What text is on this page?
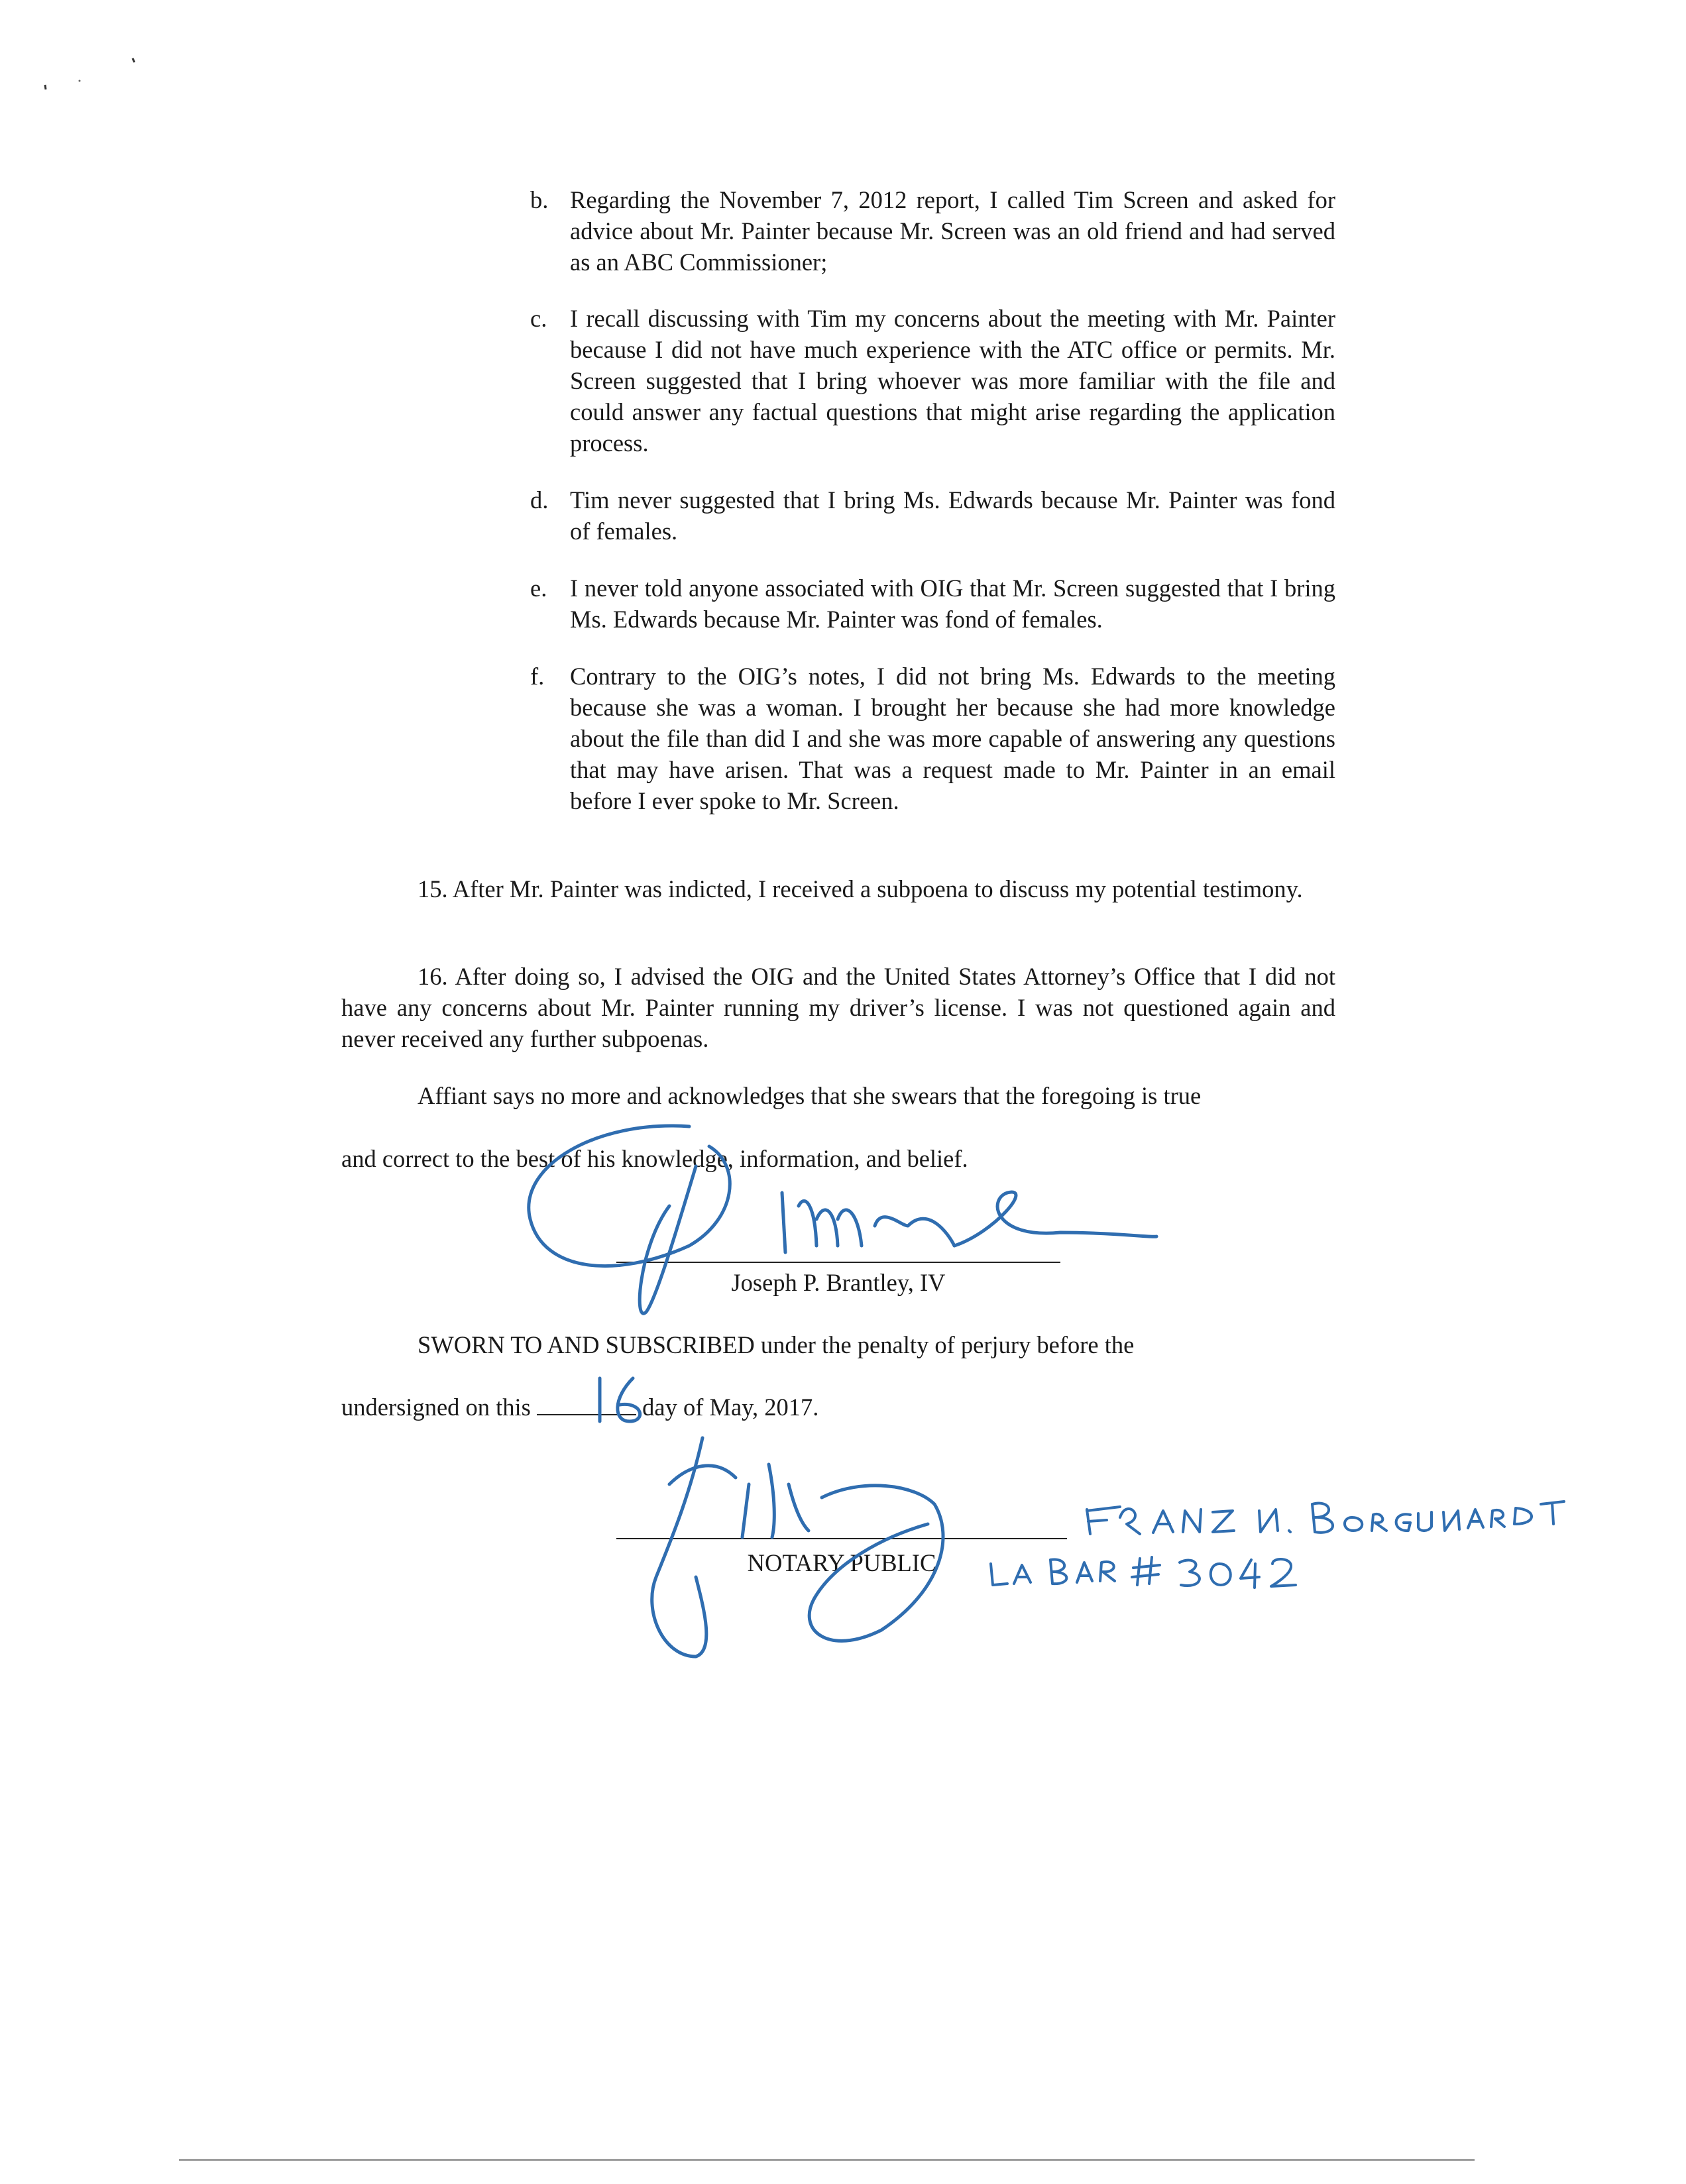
b. Regarding the November 7, 2012 report, I called Tim Screen and asked for advice about Mr. Painter because Mr. Screen was an old friend and had served as an ABC Commissioner;
c. I recall discussing with Tim my concerns about the meeting with Mr. Painter because I did not have much experience with the ATC office or permits. Mr. Screen suggested that I bring whoever was more familiar with the file and could answer any factual questions that might arise regarding the application process.
d. Tim never suggested that I bring Ms. Edwards because Mr. Painter was fond of females.
e. I never told anyone associated with OIG that Mr. Screen suggested that I bring Ms. Edwards because Mr. Painter was fond of females.
f.	Contrary to the OIG’s notes, I did not bring Ms. Edwards to the meeting because she was a woman. I brought her because she had more knowledge about the file than did I and she was more capable of answering any questions that may have arisen. That was a request made to Mr. Painter in an email before I ever spoke to Mr. Screen.
15. After Mr. Painter was indicted, I received a subpoena to discuss my potential testimony.
16. After doing so, I advised the OIG and the United States Attorney’s Office that I did not have any concerns about Mr. Painter running my driver’s license. I was not questioned again and never received any further subpoenas.
Affiant says no more and acknowledges that she swears that the foregoing is true
and correct to the best of his knowledge, information, and belief.
Joseph P. Brantley, IV
SWORN TO AND SUBSCRIBED under the penalty of perjury before the
undersigned on this	day of May, 2017.
NOTARY PUBLIC
